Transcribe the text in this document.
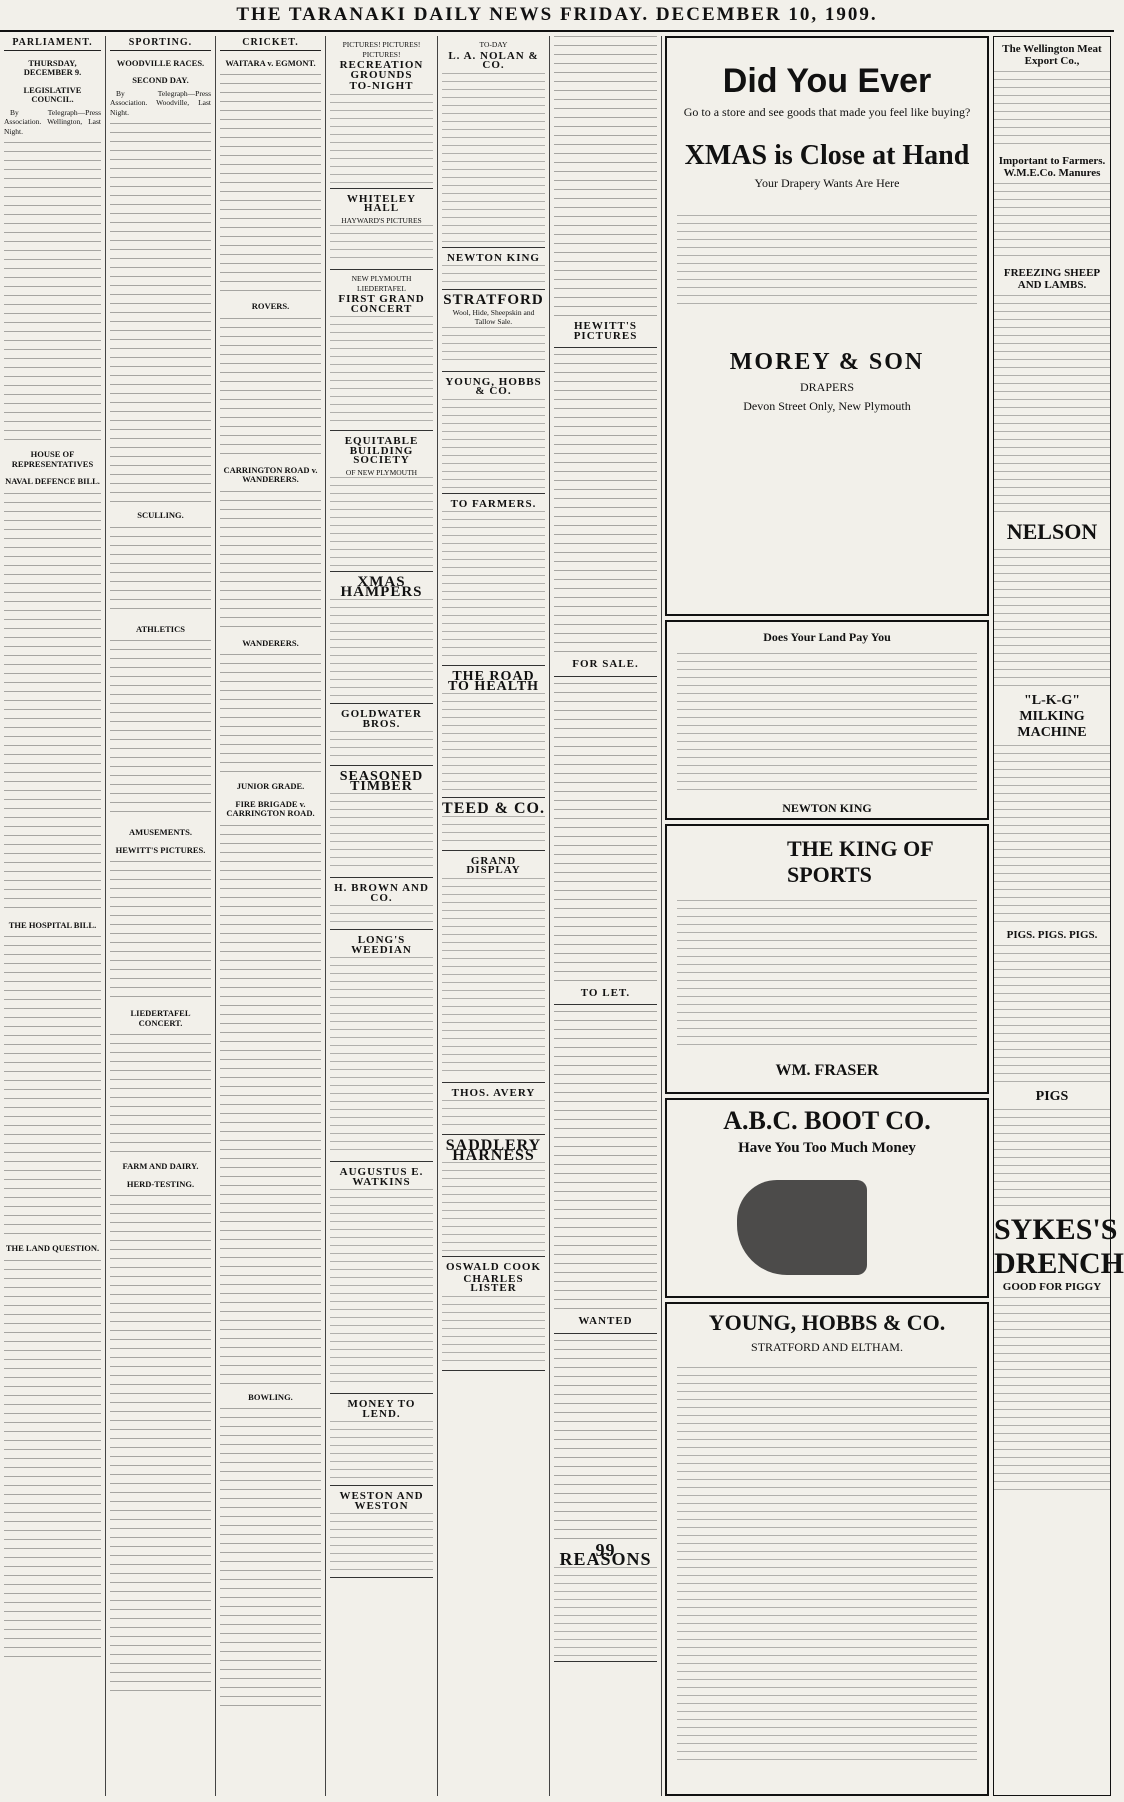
THE TARANAKI DAILY NEWS FRIDAY. DECEMBER 10, 1909.
PARLIAMENT.
THURSDAY, DECEMBER 9.
LEGISLATIVE COUNCIL.

By Telegraph—Press Association. Wellington, Last Night.

HOUSE OF REPRESENTATIVES
NAVAL DEFENCE BILL.
THE HOSPITAL BILL.
THE LAND QUESTION.
SPORTING.
WOODVILLE RACES.
SECOND DAY.

By Telegraph—Press Association. Woodville, Last Night.

SCULLING.
ATHLETICS
AMUSEMENTS.
HEWITT'S PICTURES.
LIEDERTAFEL CONCERT.
FARM AND DAIRY.
HERD-TESTING.
CRICKET.
WAITARA v. EGMONT.
ROVERS.
CARRINGTON ROAD v. WANDERERS.
WANDERERS.
JUNIOR GRADE.
FIRE BRIGADE v. CARRINGTON ROAD.
BOWLING.
PICTURES! PICTURES! PICTURES!
RECREATION GROUNDS
TO-NIGHT
WHITELEY HALL
HAYWARD'S PICTURES
NEW PLYMOUTH LIEDERTAFEL
FIRST GRAND CONCERT
EQUITABLE BUILDING SOCIETY
OF NEW PLYMOUTH
XMAS HAMPERS
GOLDWATER BROS.
SEASONED TIMBER
H. BROWN AND CO.
LONG'S WEEDIAN
AUGUSTUS E. WATKINS
MONEY TO LEND.
WESTON AND WESTON
TO-DAY
L. A. NOLAN & CO.
NEWTON KING
STRATFORD
Wool, Hide, Sheepskin and Tallow Sale.
YOUNG, HOBBS & CO.
TO FARMERS.
THE ROAD TO HEALTH
TEED & CO.
GRAND DISPLAY
THOS. AVERY
SADDLERY HARNESS
OSWALD COOK
CHARLES LISTER
HEWITT'S PICTURES
FOR SALE.
TO LET.
WANTED
99 REASONS
Did You Ever
Go to a store and see goods that made you feel like buying?
XMAS is Close at Hand
Your Drapery Wants Are Here
MOREY & SON
DRAPERS
Devon Street Only, New Plymouth
Does Your Land Pay You
NEWTON KING
THE KING OF SPORTS
WM. FRASER
A.B.C. BOOT CO.
Have You Too Much Money
YOUNG, HOBBS & CO.
STRATFORD AND ELTHAM.
The Wellington Meat Export Co.,
Important to Farmers. W.M.E.Co. Manures
FREEZING SHEEP AND LAMBS.
NELSON
"L-K-G" MILKING MACHINE
PIGS. PIGS. PIGS.
PIGS
SYKES'S DRENCH
GOOD FOR PIGGY
